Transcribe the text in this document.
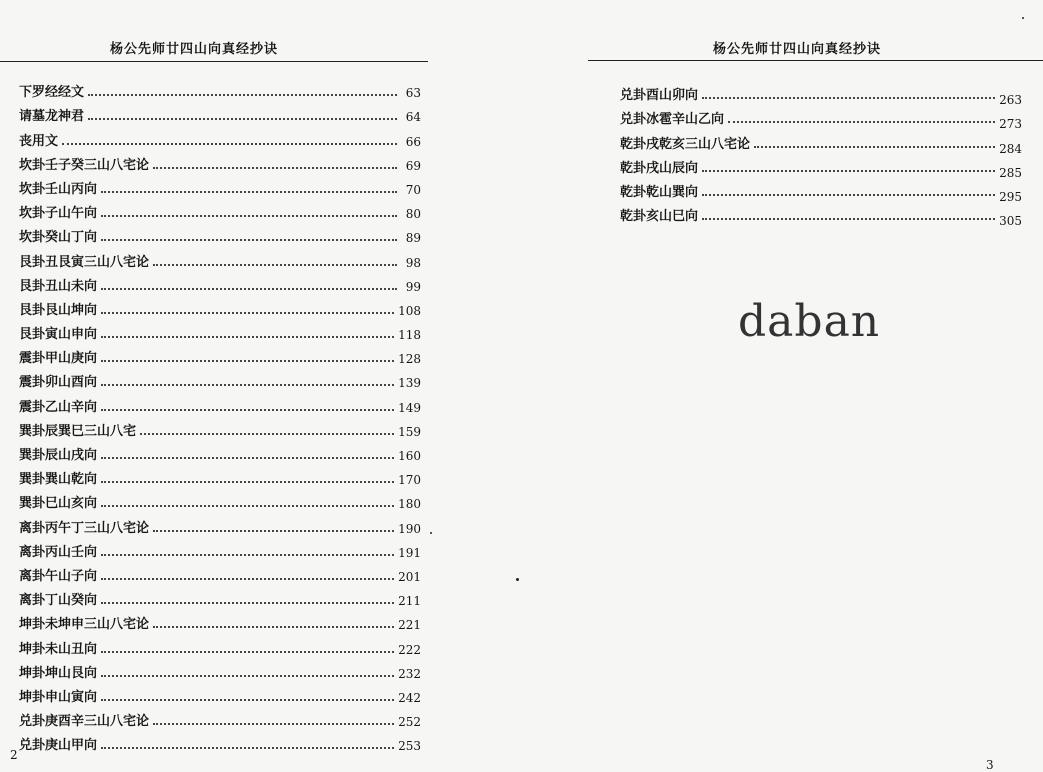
杨公先师廿四山向真经抄诀
下罗经经文	63
请墓龙神君	64
丧用文	66
坎卦壬子癸三山八宅论	69
坎卦壬山丙向	70
坎卦子山午向	80
坎卦癸山丁向	89
艮卦丑艮寅三山八宅论	98
艮卦丑山未向	99
艮卦艮山坤向	108
艮卦寅山申向	118
震卦甲山庚向	128
震卦卯山酉向	139
震卦乙山辛向	149
巽卦辰巽巳三山八宅	159
巽卦辰山戌向	160
巽卦巽山乾向	170
巽卦巳山亥向	180
离卦丙午丁三山八宅论	190
离卦丙山壬向	191
离卦午山子向	201
离卦丁山癸向	211
坤卦未坤申三山八宅论	221
坤卦未山丑向	222
坤卦坤山艮向	232
坤卦申山寅向	242
兑卦庚酉辛三山八宅论	252
兑卦庚山甲向	253
2
杨公先师廿四山向真经抄诀
兑卦酉山卯向	263
兑卦冰雹辛山乙向	273
乾卦戌乾亥三山八宅论	284
乾卦戌山辰向	285
乾卦乾山巽向	295
乾卦亥山巳向	305
daban
3
